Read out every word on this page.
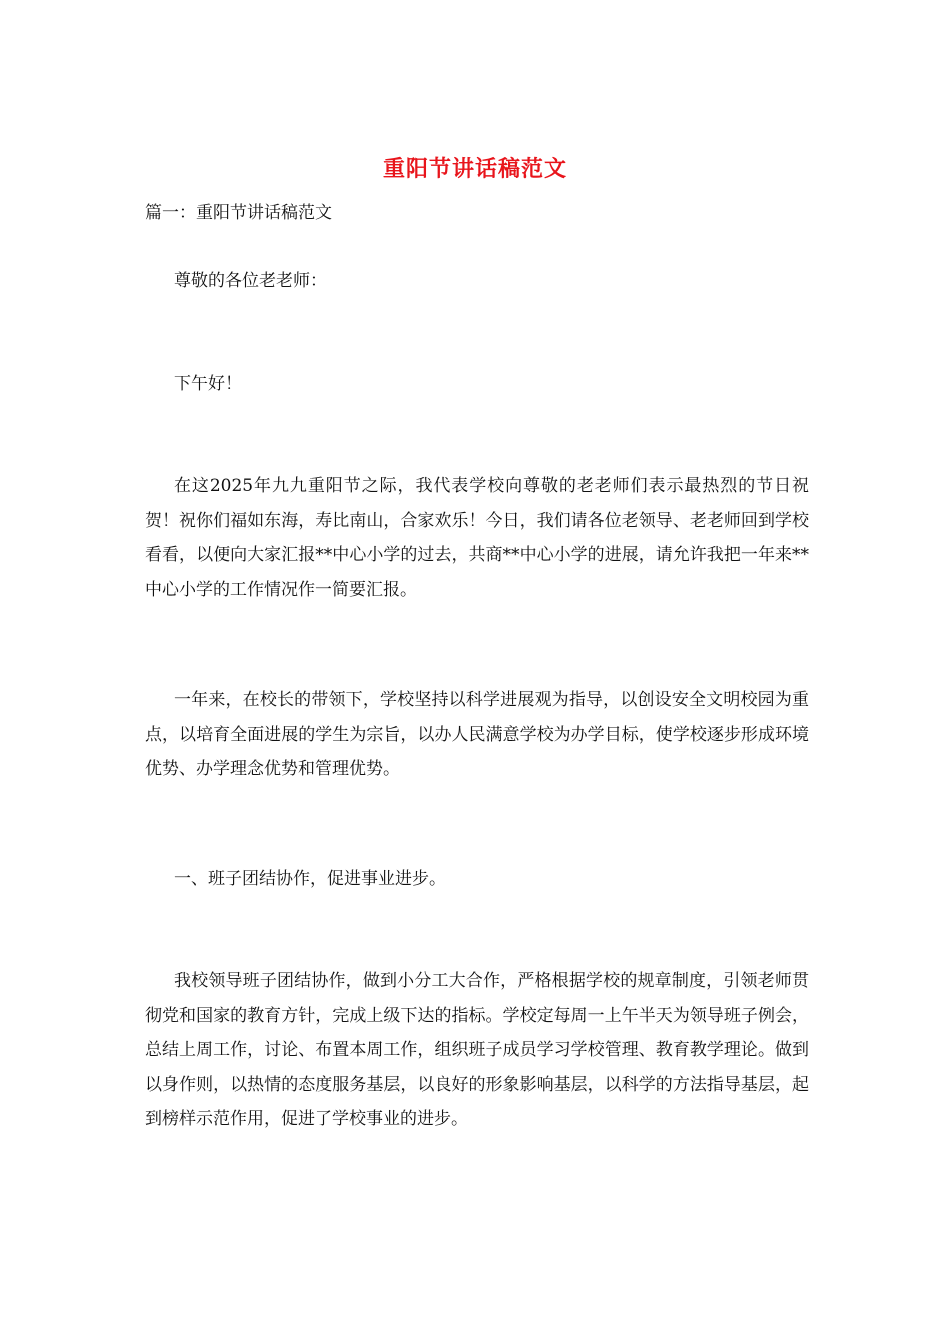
重阳节讲话稿范文
篇一：重阳节讲话稿范文

尊敬的各位老老师：

下午好！

在这2025年九九重阳节之际，我代表学校向尊敬的老老师们表示最热烈的节日祝贺！祝你们福如东海，寿比南山，合家欢乐！今日，我们请各位老领导、老老师回到学校看看，以便向大家汇报**中心小学的过去，共商**中心小学的进展，请允许我把一年来**中心小学的工作情况作一简要汇报。

一年来，在校长的带领下，学校坚持以科学进展观为指导，以创设安全文明校园为重点，以培育全面进展的学生为宗旨，以办人民满意学校为办学目标，使学校逐步形成环境优势、办学理念优势和管理优势。

一、班子团结协作，促进事业进步。

我校领导班子团结协作，做到小分工大合作，严格根据学校的规章制度，引领老师贯彻党和国家的教育方针，完成上级下达的指标。学校定每周一上午半天为领导班子例会，总结上周工作，讨论、布置本周工作，组织班子成员学习学校管理、教育教学理论。做到以身作则，以热情的态度服务基层，以良好的形象影响基层，以科学的方法指导基层，起到榜样示范作用，促进了学校事业的进步。
